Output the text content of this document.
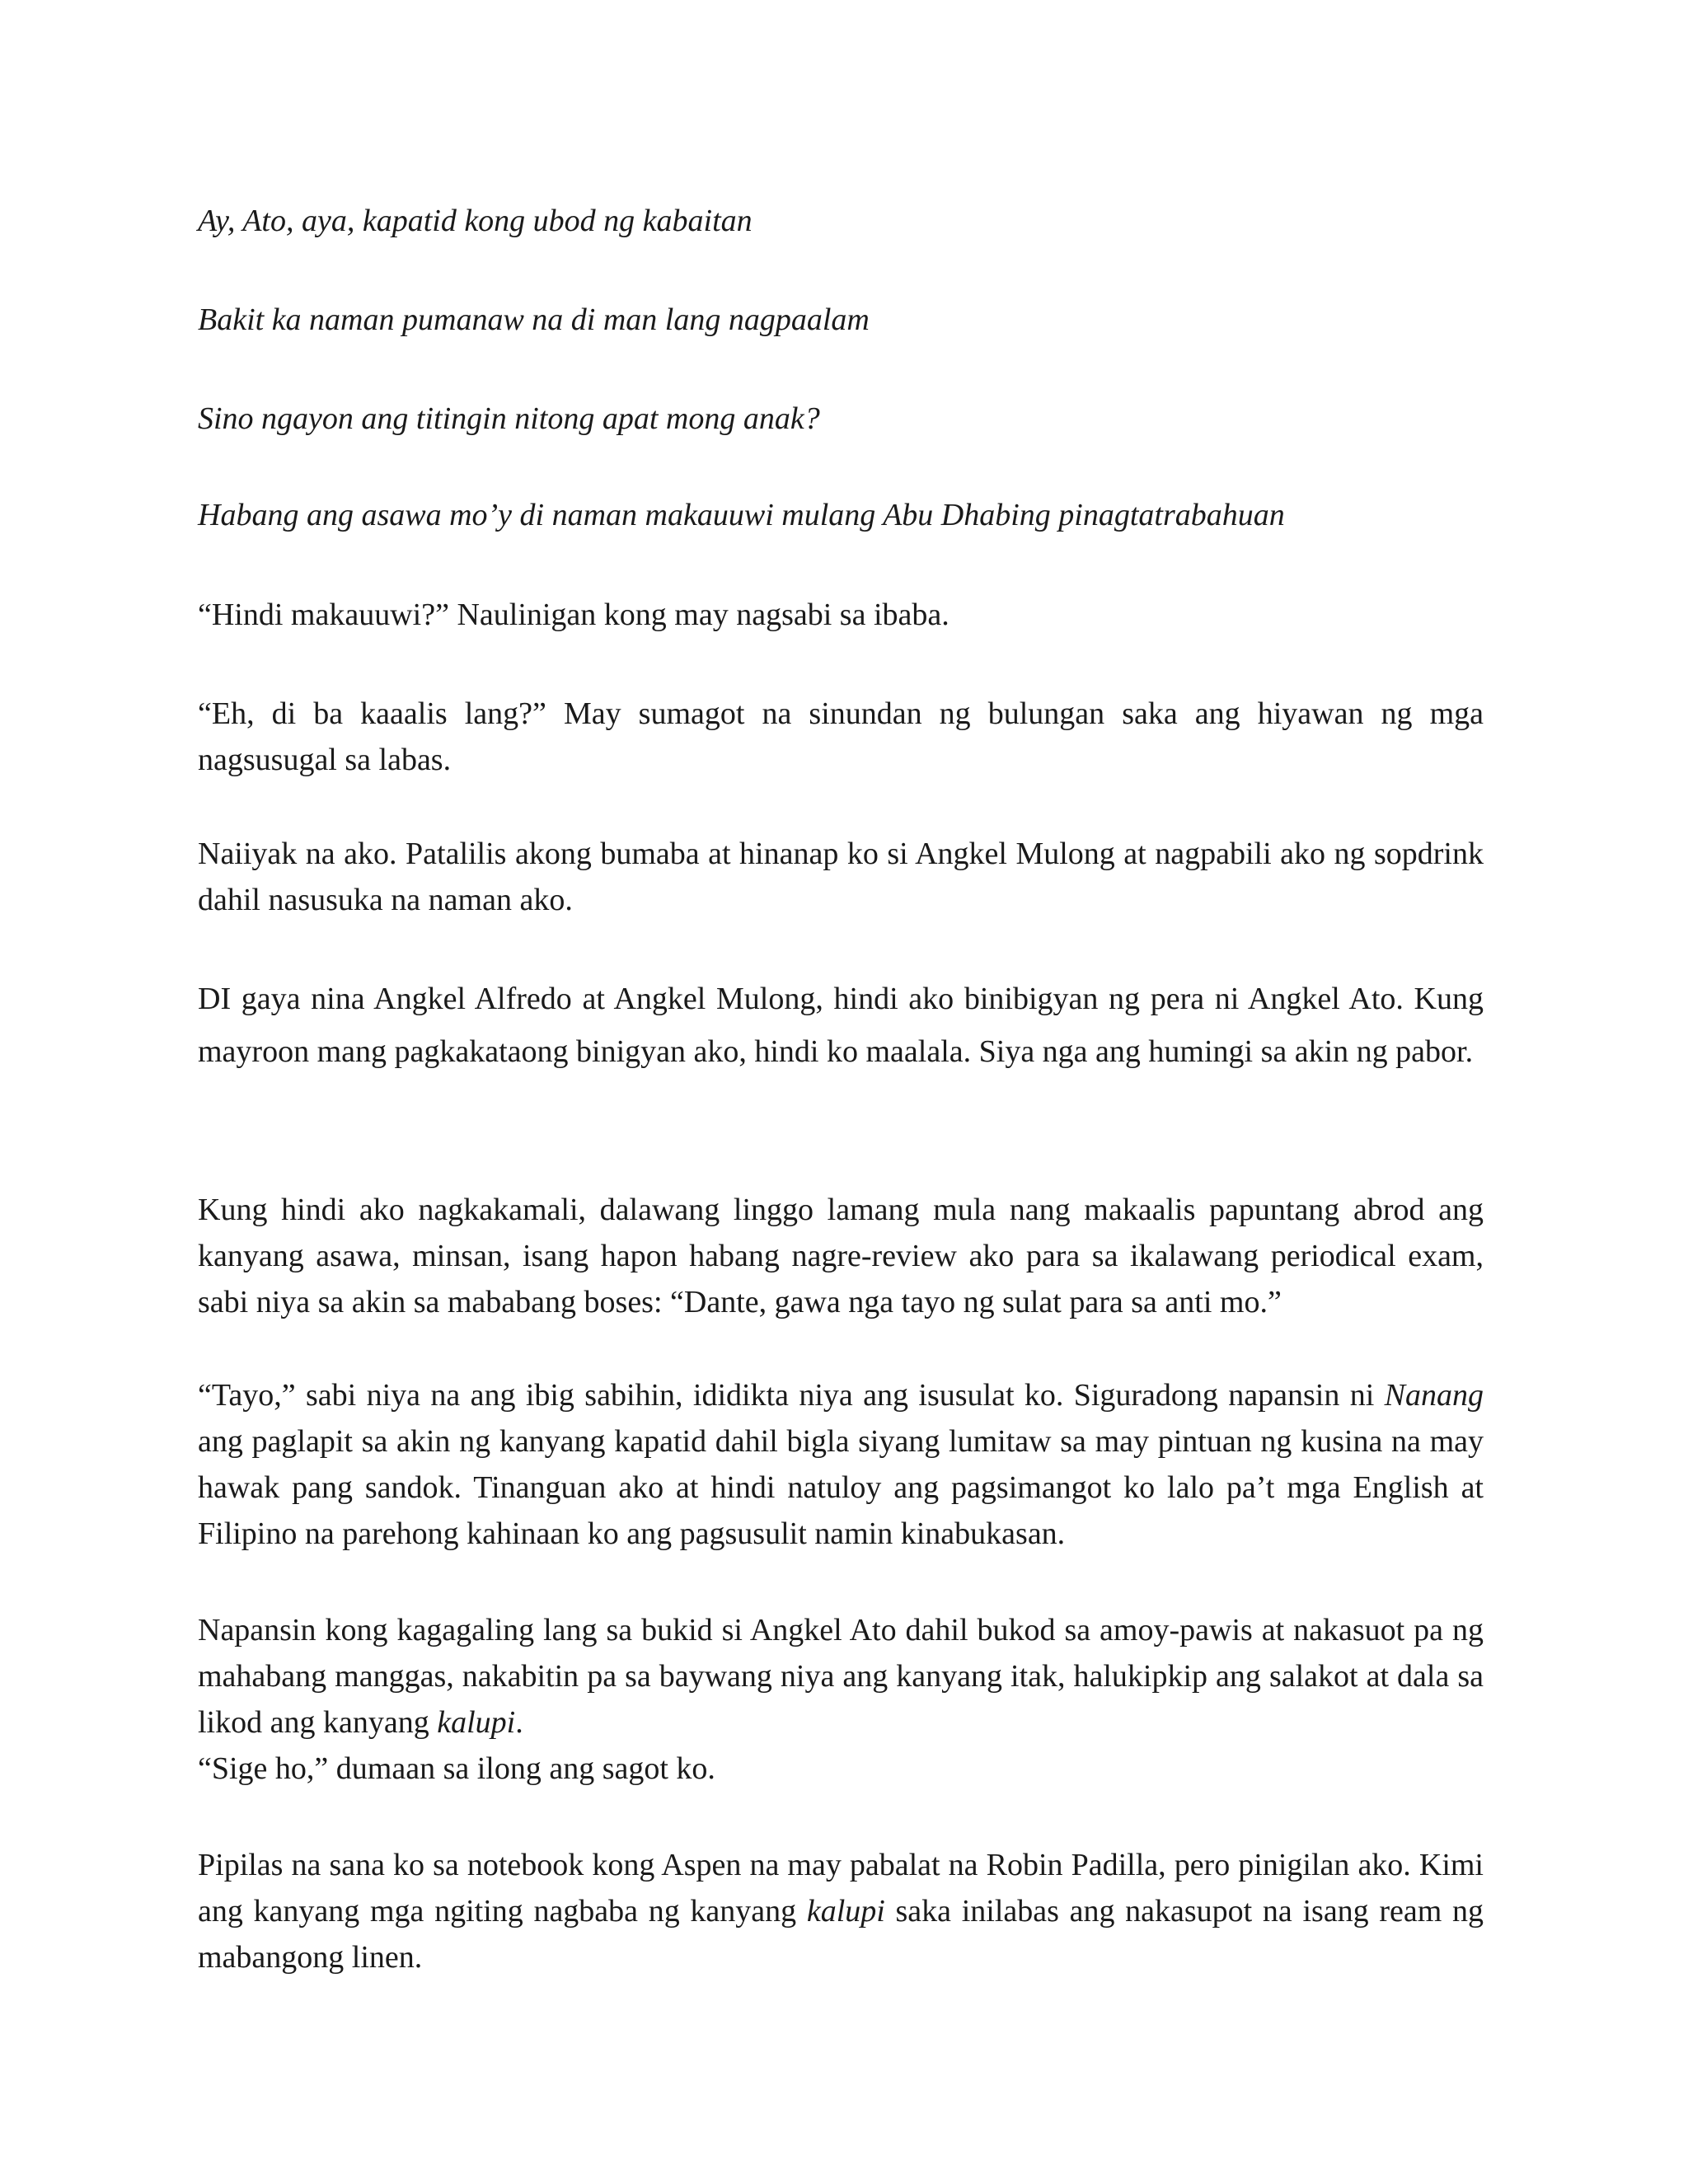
Ay, Ato, aya, kapatid kong ubod ng kabaitan
Bakit ka naman pumanaw na di man lang nagpaalam
Sino ngayon ang titingin nitong apat mong anak?
Habang ang asawa mo’y di naman makauuwi mulang Abu Dhabing pinagtatrabahuan
“Hindi makauuwi?” Naulinigan kong may nagsabi sa ibaba.
“Eh, di ba kaaalis lang?” May sumagot na sinundan ng bulungan saka ang hiyawan ng mga nagsusugal sa labas.
Naiiyak na ako. Patalilis akong bumaba at hinanap ko si Angkel Mulong at nagpabili ako ng sopdrink dahil nasusuka na naman ako.
DI gaya nina Angkel Alfredo at Angkel Mulong, hindi ako binibigyan ng pera ni Angkel Ato. Kung mayroon mang pagkakataong binigyan ako, hindi ko maalala. Siya nga ang humingi sa akin ng pabor.
Kung hindi ako nagkakamali, dalawang linggo lamang mula nang makaalis papuntang abrod ang kanyang asawa, minsan, isang hapon habang nagre-review ako para sa ikalawang periodical exam, sabi niya sa akin sa mababang boses: “Dante, gawa nga tayo ng sulat para sa anti mo.”
“Tayo,” sabi niya na ang ibig sabihin, ididikta niya ang isusulat ko. Siguradong napansin ni Nanang ang paglapit sa akin ng kanyang kapatid dahil bigla siyang lumitaw sa may pintuan ng kusina na may hawak pang sandok. Tinanguan ako at hindi natuloy ang pagsimangot ko lalo pa’t mga English at Filipino na parehong kahinaan ko ang pagsusulit namin kinabukasan.
Napansin kong kagagaling lang sa bukid si Angkel Ato dahil bukod sa amoy-pawis at nakasuot pa ng mahabang manggas, nakabitin pa sa baywang niya ang kanyang itak, halukipkip ang salakot at dala sa likod ang kanyang kalupi.
“Sige ho,” dumaan sa ilong ang sagot ko.
Pipilas na sana ko sa notebook kong Aspen na may pabalat na Robin Padilla, pero pinigilan ako. Kimi ang kanyang mga ngiting nagbaba ng kanyang kalupi saka inilabas ang nakasupot na isang ream ng mabangong linen.
